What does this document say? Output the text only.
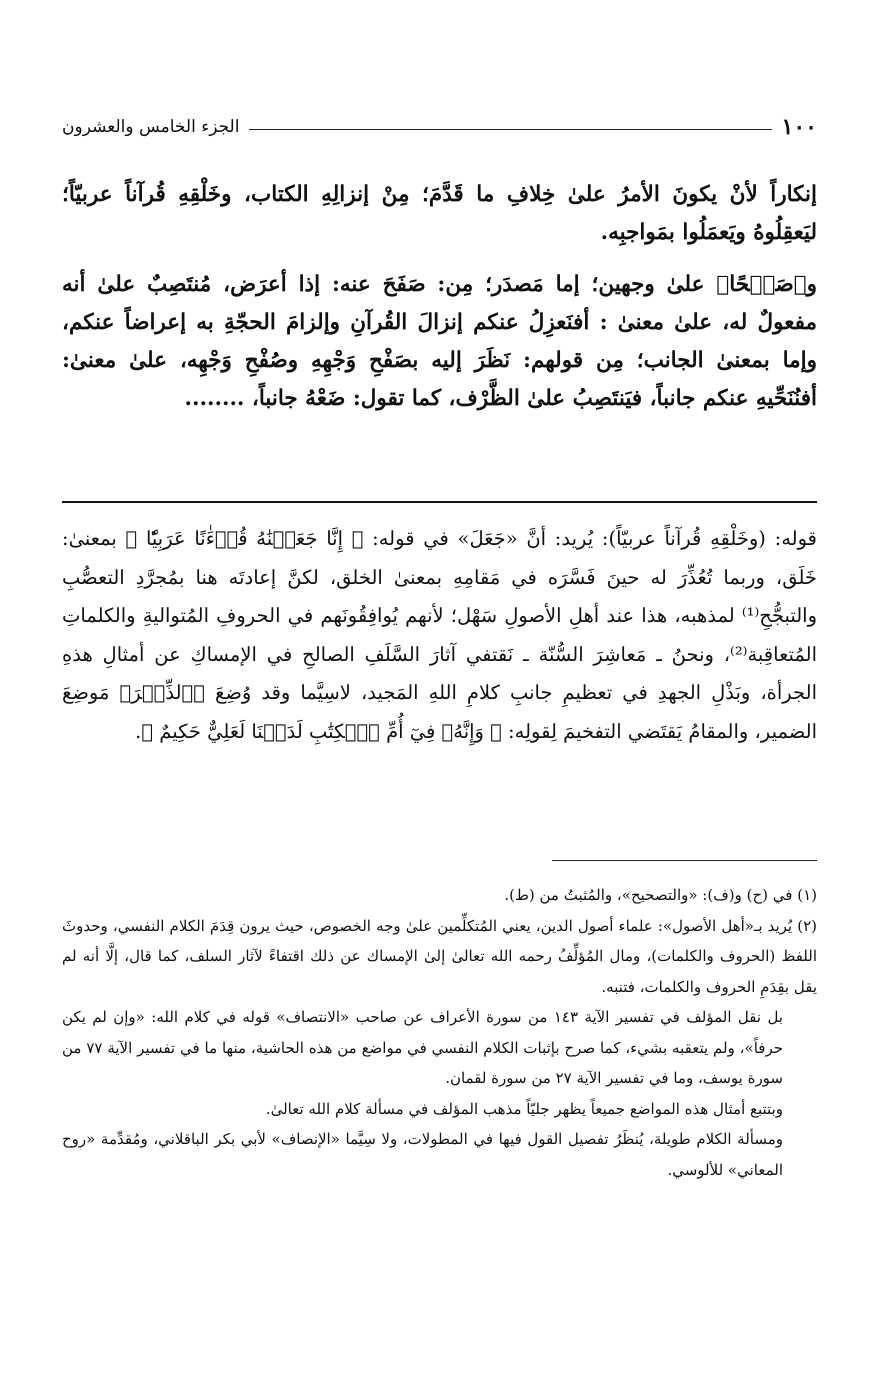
١٠٠
الجزء الخامس والعشرون

إنكاراً لأنْ يكونَ الأمرُ علىٰ خِلافِ ما قَدَّمَ؛ مِنْ إنزالِهِ الكتاب، وخَلْقِهِ قُرآناً عربيّاً؛ ليَعقِلُوهُ ويَعمَلُوا بمَواجبِه.

و﴿صَفۡحًا﴾ علىٰ وجهين؛ إما مَصدَر؛ مِن: صَفَحَ عنه: إذا أعرَض، مُنتَصِبٌ علىٰ أنه مفعولٌ له، علىٰ معنىٰ : أفنَعزِلُ عنكم إنزالَ القُرآنِ وإلزامَ الحجّةِ به إعراضاً عنكم، وإما بمعنىٰ الجانب؛ مِن قولهم: نَظَرَ إليه بصَفْحِ وَجْهِهِ وصُفْحِ وَجْهِه، علىٰ معنىٰ: أفنُنَحِّيهِ عنكم جانباً، فيَنتَصِبُ علىٰ الظَّرْف، كما تقول: ضَعْهُ جانباً، ........

قوله: (وخَلْقِهِ قُرآناً عربيّاً): يُريد: أنَّ «جَعَلَ» في قوله: ﴿ إِنَّا جَعَلۡنَٰهُ قُرۡءَٰنًا عَرَبِيّٗا ﴾ بمعنىٰ: خَلَق، وربما تُعُذِّرَ له حينَ فَسَّرَه في مَقامِهِ بمعنىٰ الخلق، لكنَّ إعادتَه هنا بمُجرَّدِ التعصُّبِ والتبجُّحِ⁽¹⁾ لمذهبه، هذا عند أهلِ الأصولِ سَهْل؛ لأنهم يُوافِقُونَهم في الحروفِ المُتواليةِ والكلماتِ المُتعاقِبة⁽²⁾، ونحنُ ـ مَعاشِرَ السُّنّة ـ نَقتفي آثارَ السَّلَفِ الصالحِ في الإمساكِ عن أمثالِ هذهِ الجرأة، وبَذْلِ الجهدِ في تعظيمِ جانبِ كلامِ اللهِ المَجيد، لاسِيَّما وقد وُضِعَ ﴿ٱلذِّكۡرَ﴾ مَوضِعَ الضمير، والمقامُ يَقتَضي التفخيمَ لِقولِه: ﴿ وَإِنَّهُۥ فِيٓ أُمِّ ٱلۡكِتَٰبِ لَدَيۡنَا لَعَلِيٌّ حَكِيمٌ ﴾.

(١) في (ح) و(ف): «والتصحيح»، والمُثبتُ من (ط).

(٢) يُريد بـ«أهل الأصول»: علماء أصول الدين، يعني المُتكلِّمين علىٰ وجه الخصوص، حيث يرون قِدَمَ الكلام النفسي، وحدوثَ اللفظ (الحروف والكلمات)، ومال المُؤلِّفُ رحمه الله تعالىٰ إلىٰ الإمساك عن ذلك اقتفاءً لآثار السلف، كما قال، إلَّا أنه لم يقل بقِدَمِ الحروف والكلمات، فتنبه.

بل نقل المؤلف في تفسير الآية ١٤٣ من سورة الأعراف عن صاحب «الانتصاف» قوله في كلام الله: «وإن لم يكن حرفاً»، ولم يتعقبه بشيء، كما صرح بإثبات الكلام النفسي في مواضع من هذه الحاشية، منها ما في تفسير الآية ٧٧ من سورة يوسف، وما في تفسير الآية ٢٧ من سورة لقمان.

وبتتبع أمثال هذه المواضع جميعاً يظهر جليّاً مذهب المؤلف في مسألة كلام الله تعالىٰ.

ومسألة الكلام طويلة، يُنظَرُ تفصيل القول فيها في المطولات، ولا سِيَّما «الإنصاف» لأبي بكر الباقلاني، ومُقدِّمة «روح المعاني» للألوسي.
